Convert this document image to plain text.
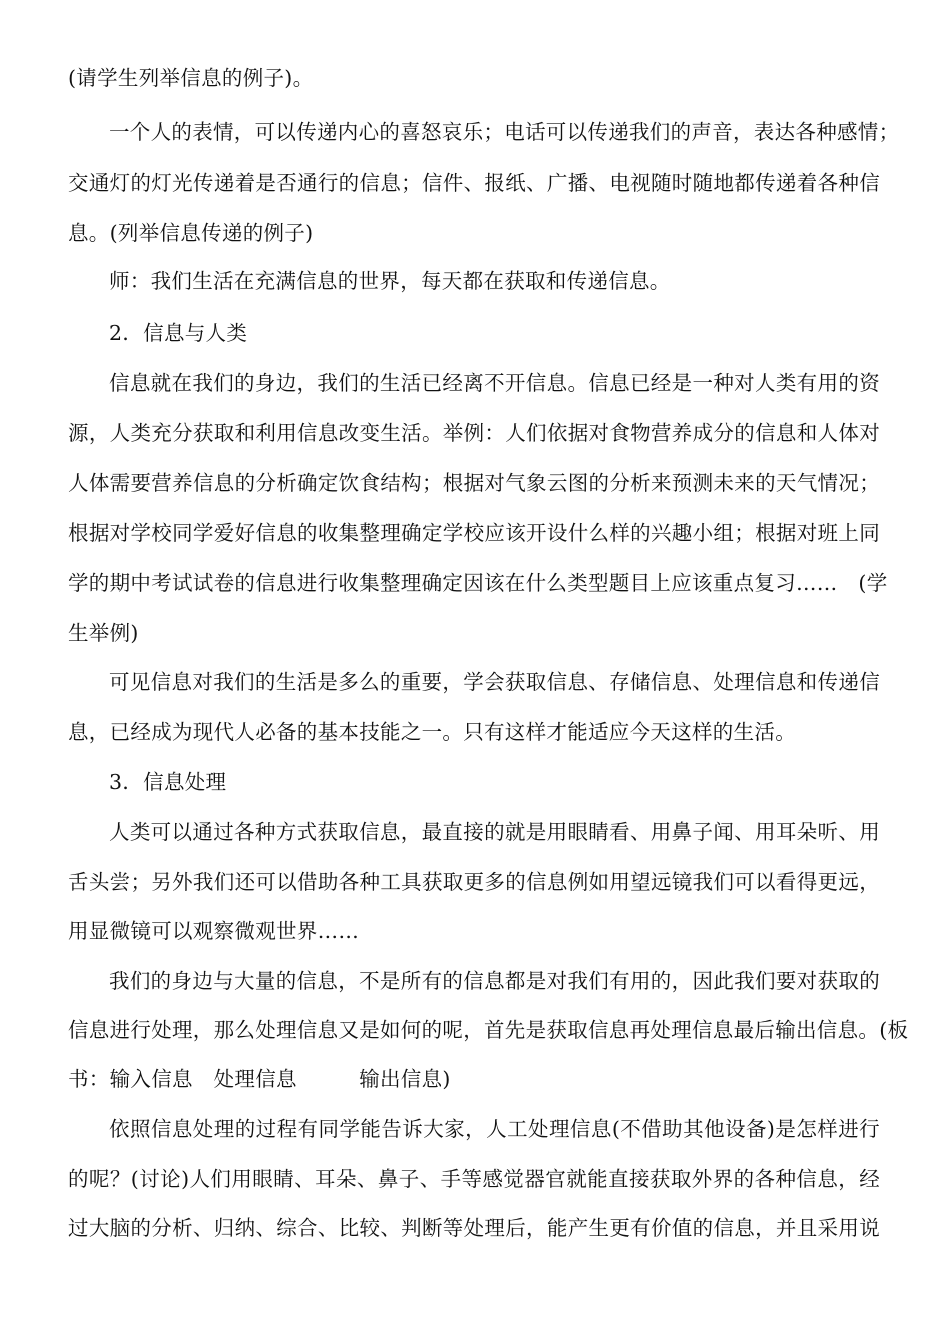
(请学生列举信息的例子)。
一个人的表情，可以传递内心的喜怒哀乐；电话可以传递我们的声音，表达各种感情；
交通灯的灯光传递着是否通行的信息；信件、报纸、广播、电视随时随地都传递着各种信
息。(列举信息传递的例子)
师：我们生活在充满信息的世界，每天都在获取和传递信息。
2．信息与人类
信息就在我们的身边，我们的生活已经离不开信息。信息已经是一种对人类有用的资
源，人类充分获取和利用信息改变生活。举例：人们依据对食物营养成分的信息和人体对
人体需要营养信息的分析确定饮食结构；根据对气象云图的分析来预测未来的天气情况；
根据对学校同学爱好信息的收集整理确定学校应该开设什么样的兴趣小组；根据对班上同
学的期中考试试卷的信息进行收集整理确定因该在什么类型题目上应该重点复习……　(学
生举例)
可见信息对我们的生活是多么的重要，学会获取信息、存储信息、处理信息和传递信
息，已经成为现代人必备的基本技能之一。只有这样才能适应今天这样的生活。
3．信息处理
人类可以通过各种方式获取信息，最直接的就是用眼睛看、用鼻子闻、用耳朵听、用
舌头尝；另外我们还可以借助各种工具获取更多的信息例如用望远镜我们可以看得更远，
用显微镜可以观察微观世界……
我们的身边与大量的信息，不是所有的信息都是对我们有用的，因此我们要对获取的
信息进行处理，那么处理信息又是如何的呢，首先是获取信息再处理信息最后输出信息。(板
书：输入信息　处理信息　　　输出信息)
依照信息处理的过程有同学能告诉大家，人工处理信息(不借助其他设备)是怎样进行
的呢？(讨论)人们用眼睛、耳朵、鼻子、手等感觉器官就能直接获取外界的各种信息，经
过大脑的分析、归纳、综合、比较、判断等处理后，能产生更有价值的信息，并且采用说
